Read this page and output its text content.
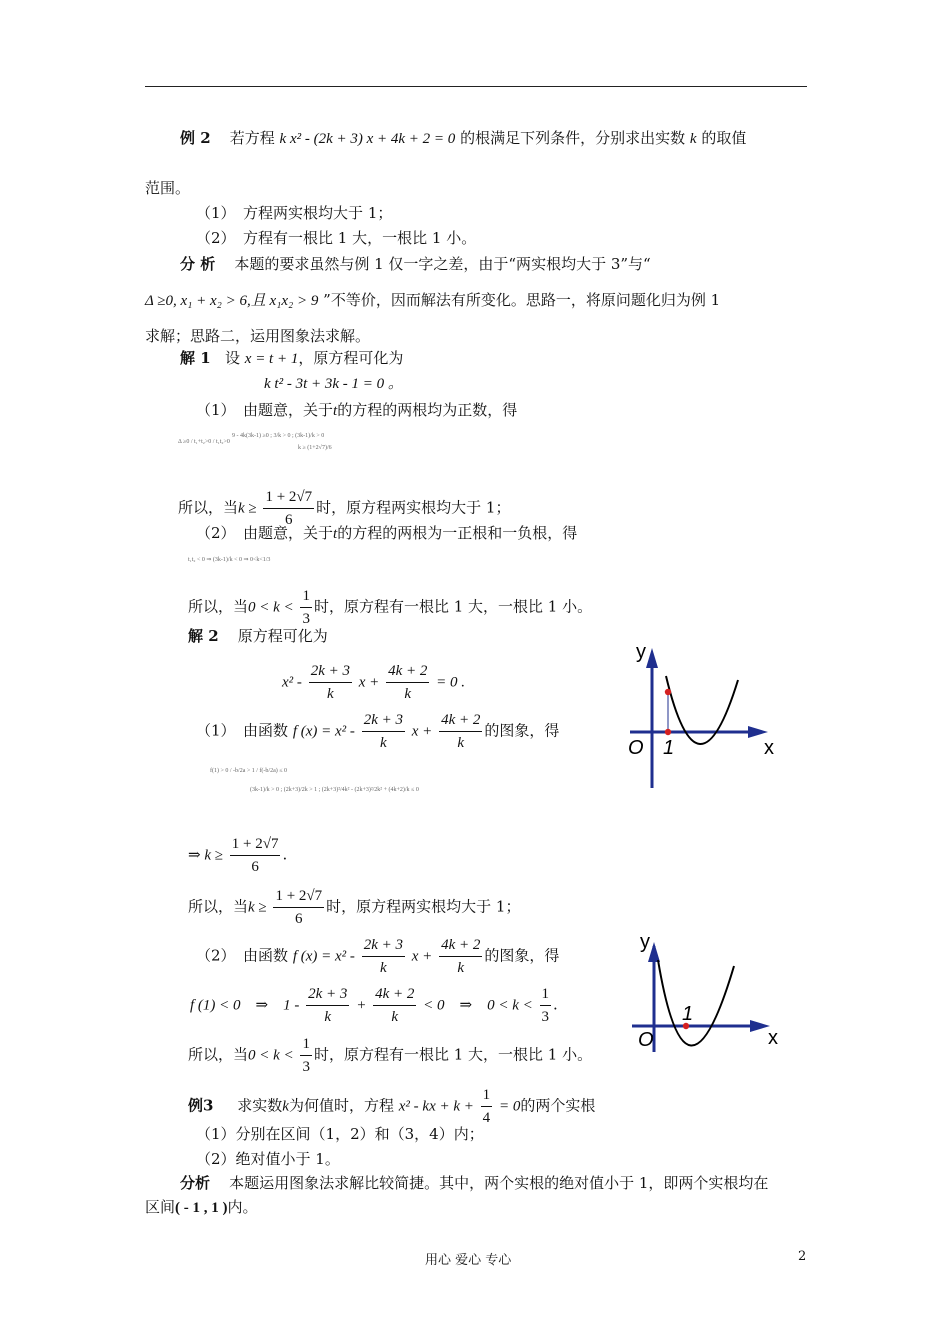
例 2 若方程 k x² - (2k + 3) x + 4k + 2 = 0 的根满足下列条件，分别求出实数 k 的取值
范围。
（1）　方程两实根均大于 1；
（2）　方程有一根比 1 大，一根比 1 小。
分 析 本题的要求虽然与例 1 仅一字之差，由于“两实根均大于 3”与“
Δ ≥0, x₁ + x₂ > 6,且 x₁x₂ > 9 ”不等价，因而解法有所变化。思路一，将原问题化归为例 1
求解；思路二，运用图象法求解。
解 1 设 x = t + 1，原方程可化为
k t² - 3t + 3k - 1 = 0 。
（1）　由题意，关于t的方程的两根均为正数，得
Δ ≥0 / t₁+t₂>0 / t₁t₂>0
9 - 4k(3k-1) ≥0 ; 3/k > 0 ; (3k-1)/k > 0
k ≥ (1+2√7)/6
所以，当$k \ge \frac{1 + 2√7}{6}$ 时，原方程两实根均大于 1；
（2）　由题意，关于t的方程的两根为一正根和一负根，得
t₁t₂ < 0 ⇒ (3k-1)/k < 0 ⇒ 0<k<1/3
所以，当$0 < k < \frac{1}{3}$ 时，原方程有一根比 1 大，一根比 1 小。
解 2 原方程可化为
$x^2 - \frac{2k + 3}{k}$ $x + \frac{4k + 2}{k} = 0$ .
（1）　由函数 f $(x) = x^2 - \frac{2k + 3}{k}$ $x + \frac{4k + 2}{k}$ 的图象，得
f(1) > 0 / -b/2a > 1 / f(-b/2a) ≤ 0
(3k-1)/k > 0 ; (2k+3)/2k > 1 ; (2k+3)²/4k² - (2k+3)²/2k² + (4k+2)/k ≤ 0
⇒ $k \ge \frac{1 + 2√7}{6}$ .
所以，当$k \ge \frac{1 + 2√7}{6}$ 时，原方程两实根均大于 1；
（2）　由函数 f $(x) = x^2 - \frac{2k + 3}{k}$ $x + \frac{4k + 2}{k}$ 的图象，得
f (1) < 0　⇒　$1 - \frac{2k + 3}{k} + \frac{4k + 2}{k} < 0$　⇒　$0 < k < \frac{1}{3}$ .
所以，当$0 < k < \frac{1}{3}$ 时，原方程有一根比 1 大，一根比 1 小。
例3 求实数k为何值时，方程 x² - kx + $k + \frac{1}{4} = 0$的两个实根
（1）分别在区间（1，2）和（3，4）内；
（2）绝对值小于 1。
分析 本题运用图象法求解比较简捷。其中，两个实根的绝对值小于 1，即两个实根均在
区间( - 1 , 1 )内。
y
x
O 1
y
x
O
1
用心 爱心 专心	2
